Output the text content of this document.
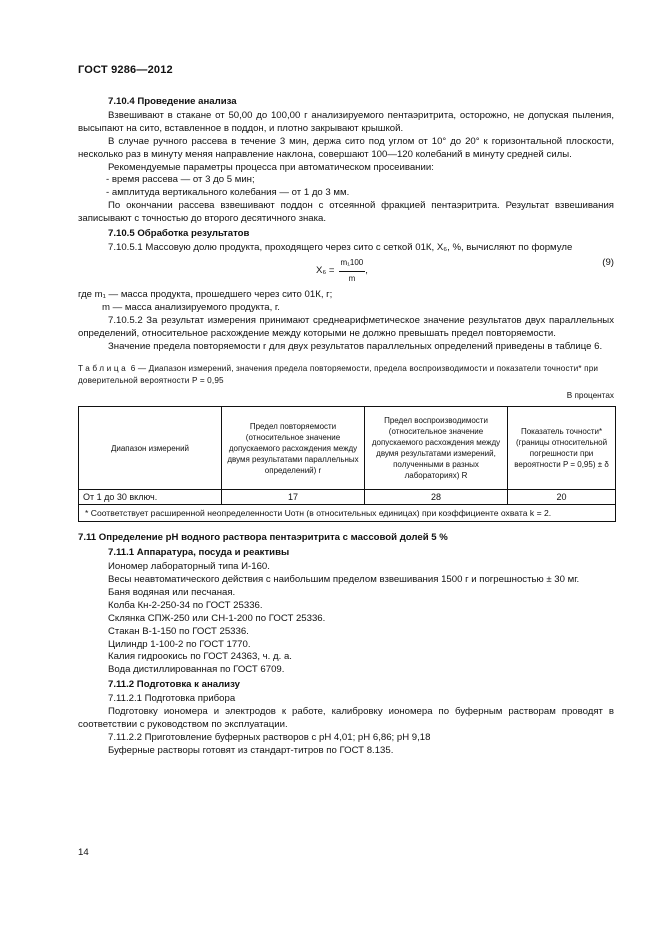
ГОСТ 9286—2012
7.10.4 Проведение анализа

Взвешивают в стакане от 50,00 до 100,00 г анализируемого пентаэритрита, осторожно, не допуская пыления, высыпают на сито, вставленное в поддон, и плотно закрывают крышкой.

В случае ручного рассева в течение 3 мин, держа сито под углом от 10° до 20° к горизонтальной плоскости, несколько раз в минуту меняя направление наклона, совершают 100—120 колебаний в минуту средней силы.

Рекомендуемые параметры процесса при автоматическом просеивании:

- время рассева — от 3 до 5 мин;

- амплитуда вертикального колебания — от 1 до 3 мм.

По окончании рассева взвешивают поддон с отсеянной фракцией пентаэритрита. Результат взвешивания записывают с точностью до второго десятичного знака.

7.10.5 Обработка результатов

7.10.5.1 Массовую долю продукта, проходящего через сито с сеткой 01К, X₆, %, вычисляют по формуле

$X_6 = \frac{\text{m₁100}}{m}$ ,
(9)

где m₁ — масса продукта, прошедшего через сито 01К, г;

m — масса анализируемого продукта, г.

7.10.5.2 За результат измерения принимают среднеарифметическое значение результатов двух параллельных определений, относительное расхождение между которыми не должно превышать предел повторяемости.

Значение предела повторяемости r для двух результатов параллельных определений приведены в таблице 6.

Таблица 6 — Диапазон измерений, значения предела повторяемости, предела воспроизводимости и показатели точности* при доверительной вероятности P = 0,95
В процентах
Диапазон измерений	Предел повторяемости (относительное значение допускаемого расхождения между двумя результатами параллельных определений) r	Предел воспроизводимости (относительное значение допускаемого расхождения между двумя результатами измерений, полученными в разных лабораториях) R	Показатель точности* (границы относительной погрешности при вероятности P = 0,95) ± δ
От 1 до 30 включ.	17	28	20
* Соответствует расширенной неопределенности Uотн (в относительных единицах) при коэффициенте охвата k = 2.			
7.11 Определение pH водного раствора пентаэритрита с массовой долей 5 %
7.11.1 Аппаратура, посуда и реактивы

Иономер лабораторный типа И-160.

Весы неавтоматического действия с наибольшим пределом взвешивания 1500 г и погрешностью ± 30 мг.

Баня водяная или песчаная.

Колба Кн-2-250-34 по ГОСТ 25336.

Склянка СПЖ-250 или СН-1-200 по ГОСТ 25336.

Стакан В-1-150 по ГОСТ 25336.

Цилиндр 1-100-2 по ГОСТ 1770.

Калия гидроокись по ГОСТ 24363, ч. д. а.

Вода дистиллированная по ГОСТ 6709.

7.11.2 Подготовка к анализу

7.11.2.1 Подготовка прибора

Подготовку иономера и электродов к работе, калибровку иономера по буферным растворам проводят в соответствии с руководством по эксплуатации.

7.11.2.2 Приготовление буферных растворов с pH 4,01; pH 6,86; pH 9,18

Буферные растворы готовят из стандарт-титров по ГОСТ 8.135.

14
